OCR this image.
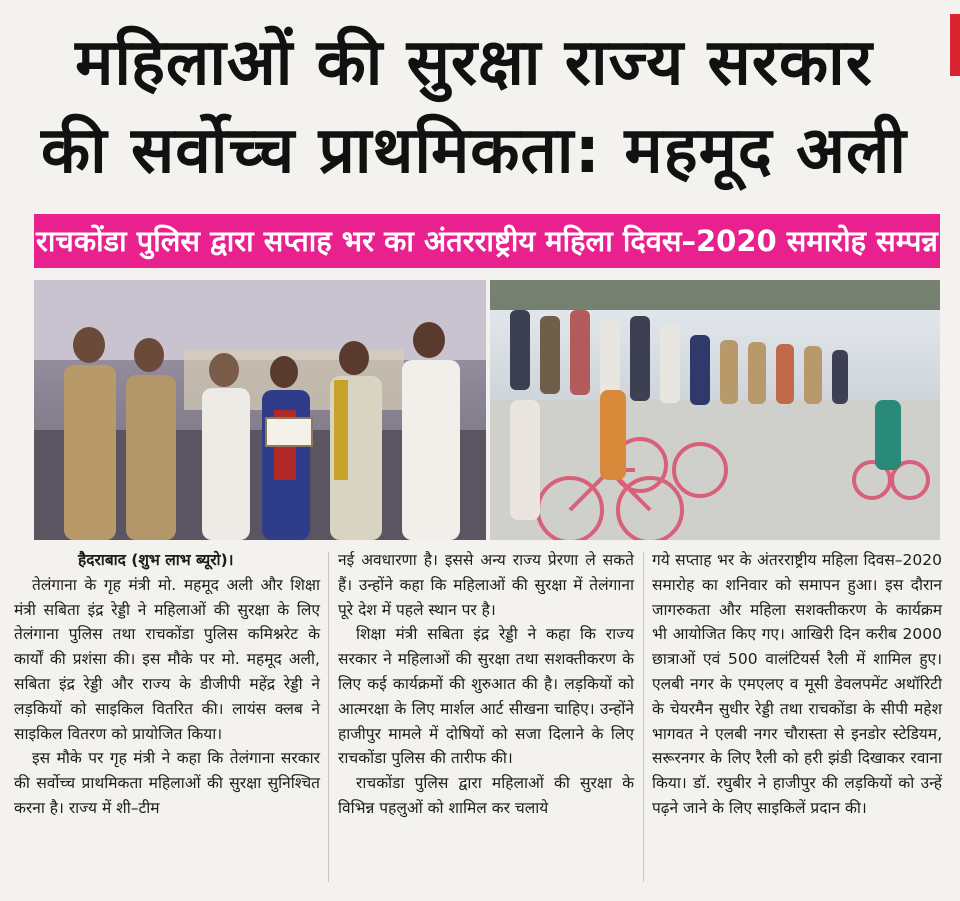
महिलाओं की सुरक्षा राज्य सरकार
की सर्वोच्च प्राथमिकता: महमूद अली
राचकोंडा पुलिस द्वारा सप्ताह भर का अंतरराष्ट्रीय महिला दिवस–2020 समारोह सम्पन्न
हैदराबाद (शुभ लाभ ब्यूरो)।

तेलंगाना के गृह मंत्री मो. महमूद अली और शिक्षा मंत्री सबिता इंद्र रेड्डी ने महिलाओं की सुरक्षा के लिए तेलंगाना पुलिस तथा राचकोंडा पुलिस कमिश्नरेट के कार्यों की प्रशंसा की। इस मौके पर मो. महमूद अली, सबिता इंद्र रेड्डी और राज्य के डीजीपी महेंद्र रेड्डी ने लड़कियों को साइकिल वितरित की। लायंस क्लब ने साइकिल वितरण को प्रायोजित किया।

इस मौके पर गृह मंत्री ने कहा कि तेलंगाना सरकार की सर्वोच्च प्राथमिकता महिलाओं की सुरक्षा सुनिश्चित करना है। राज्य में शी–टीम

नई अवधारणा है। इससे अन्य राज्य प्रेरणा ले सकते हैं। उन्होंने कहा कि महिलाओं की सुरक्षा में तेलंगाना पूरे देश में पहले स्थान पर है।

शिक्षा मंत्री सबिता इंद्र रेड्डी ने कहा कि राज्य सरकार ने महिलाओं की सुरक्षा तथा सशक्तीकरण के लिए कई कार्यक्रमों की शुरुआत की है। लड़कियों को आत्मरक्षा के लिए मार्शल आर्ट सीखना चाहिए। उन्होंने हाजीपुर मामले में दोषियों को सजा दिलाने के लिए राचकोंडा पुलिस की तारीफ की।

राचकोंडा पुलिस द्वारा महिलाओं की सुरक्षा के विभिन्न पहलुओं को शामिल कर चलाये

गये सप्ताह भर के अंतरराष्ट्रीय महिला दिवस–2020 समारोह का शनिवार को समापन हुआ। इस दौरान जागरुकता और महिला सशक्तीकरण के कार्यक्रम भी आयोजित किए गए। आखिरी दिन करीब 2000 छात्राओं एवं 500 वालंटियर्स रैली में शामिल हुए। एलबी नगर के एमएलए व मूसी डेवलपमेंट अथॉरिटी के चेयरमैन सुधीर रेड्डी तथा राचकोंडा के सीपी महेश भागवत ने एलबी नगर चौरास्ता से इनडोर स्टेडियम, सरूरनगर के लिए रैली को हरी झंडी दिखाकर रवाना किया। डॉ. रघुबीर ने हाजीपुर की लड़कियों को उन्हें पढ़ने जाने के लिए साइकिलें प्रदान की।
